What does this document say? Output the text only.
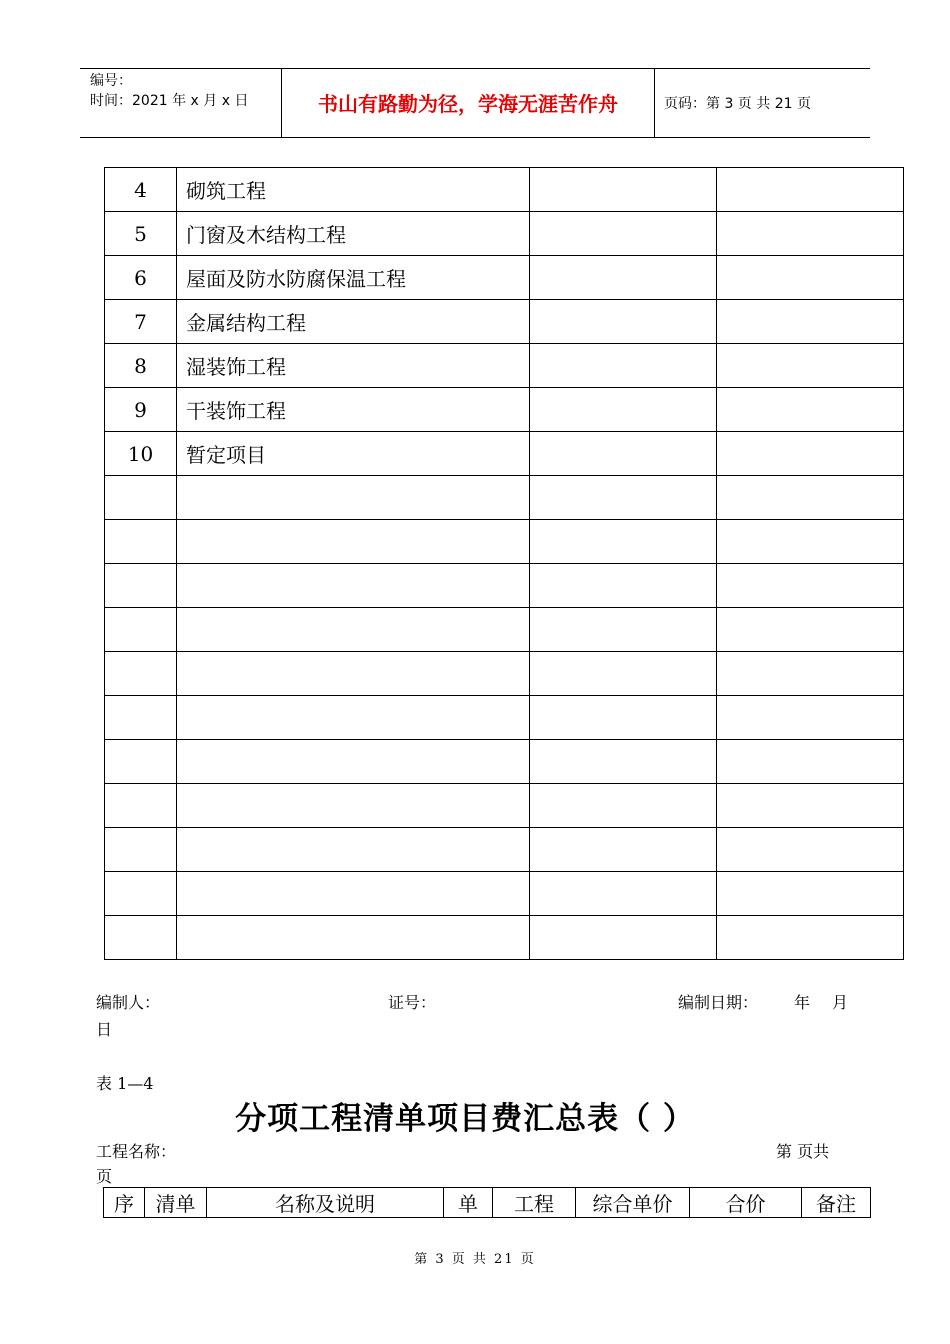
编号：
时间：2021 年 x 月 x 日	书山有路勤为径，学海无涯苦作舟	页码：第 3 页 共 21 页
4	砌筑工程		
5	门窗及木结构工程		
6	屋面及防水防腐保温工程		
7	金属结构工程		
8	湿装饰工程		
9	干装饰工程		
10	暂定项目		

编制人：	证号：	编制日期： 年 月
日
表 1—4
分项工程清单项目费汇总表（ ）
工程名称：	第 页共
页
序	清单	名称及说明	单	工程	综合单价	合价	备注
第 3 页 共 21 页
